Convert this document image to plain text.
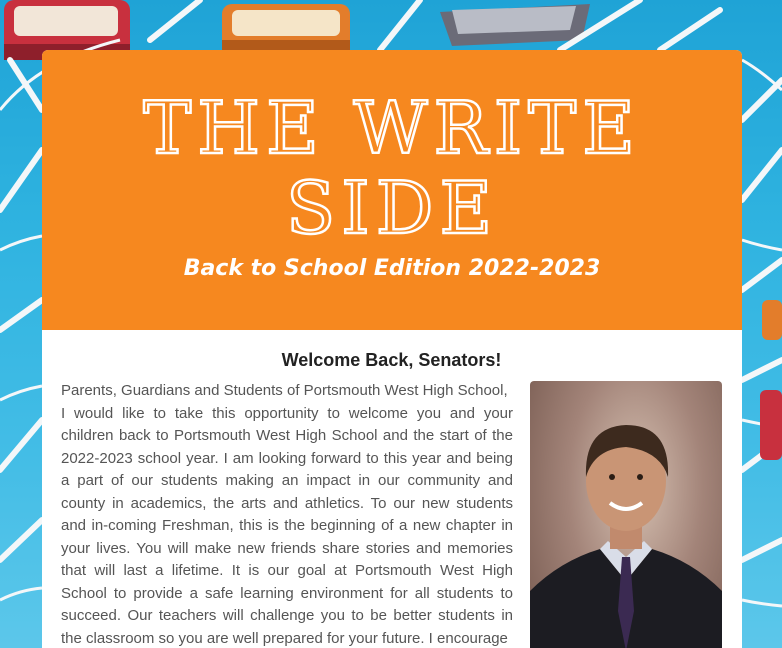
THE WRITE SIDE
Back to School Edition 2022-2023
Welcome Back, Senators!

Parents, Guardians and Students of Portsmouth West High School,

I would like to take this opportunity to welcome you and your children back to Portsmouth West High School and the start of the 2022-2023 school year. I am looking forward to this year and being a part of our students making an impact in our community and county in academics, the arts and athletics. To our new students and in-coming Freshman, this is the beginning of a new chapter in your lives. You will make new friends share stories and memories that will last a lifetime. It is our goal at Portsmouth West High School to provide a safe learning environment for all students to succeed. Our teachers will challenge you to be better students in the classroom so you are well prepared for your future. I encourage
